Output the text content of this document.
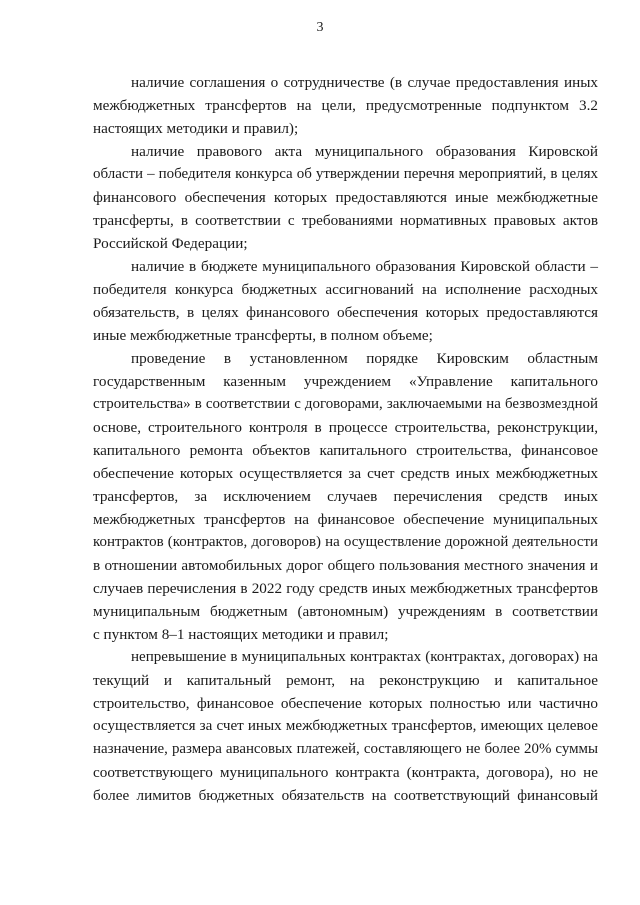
3

наличие соглашения о сотрудничестве (в случае предоставления иных
межбюджетных трансфертов на цели, предусмотренные подпунктом 3.2
настоящих методики и правил);

наличие правового акта муниципального образования Кировской
области – победителя конкурса об утверждении перечня мероприятий, в целях
финансового обеспечения которых предоставляются иные межбюджетные
трансферты, в соответствии с требованиями нормативных правовых актов
Российской Федерации;

наличие в бюджете муниципального образования Кировской области –
победителя конкурса бюджетных ассигнований на исполнение расходных
обязательств, в целях финансового обеспечения которых предоставляются
иные межбюджетные трансферты, в полном объеме;

проведение в установленном порядке Кировским областным
государственным казенным учреждением «Управление капитального
строительства» в соответствии с договорами, заключаемыми на безвозмездной
основе, строительного контроля в процессе строительства, реконструкции,
капитального ремонта объектов капитального строительства, финансовое
обеспечение которых осуществляется за счет средств иных межбюджетных
трансфертов, за исключением случаев перечисления средств иных
межбюджетных трансфертов на финансовое обеспечение муниципальных
контрактов (контрактов, договоров) на осуществление дорожной деятельности
в отношении автомобильных дорог общего пользования местного значения и
случаев перечисления в 2022 году средств иных межбюджетных трансфертов
муниципальным бюджетным (автономным) учреждениям в соответствии
с пунктом 8–1 настоящих методики и правил;

непревышение в муниципальных контрактах (контрактах, договорах) на
текущий и капитальный ремонт, на реконструкцию и капитальное
строительство, финансовое обеспечение которых полностью или частично
осуществляется за счет иных межбюджетных трансфертов, имеющих целевое
назначение, размера авансовых платежей, составляющего не более 20% суммы
соответствующего муниципального контракта (контракта, договора), но не
более лимитов бюджетных обязательств на соответствующий финансовый
